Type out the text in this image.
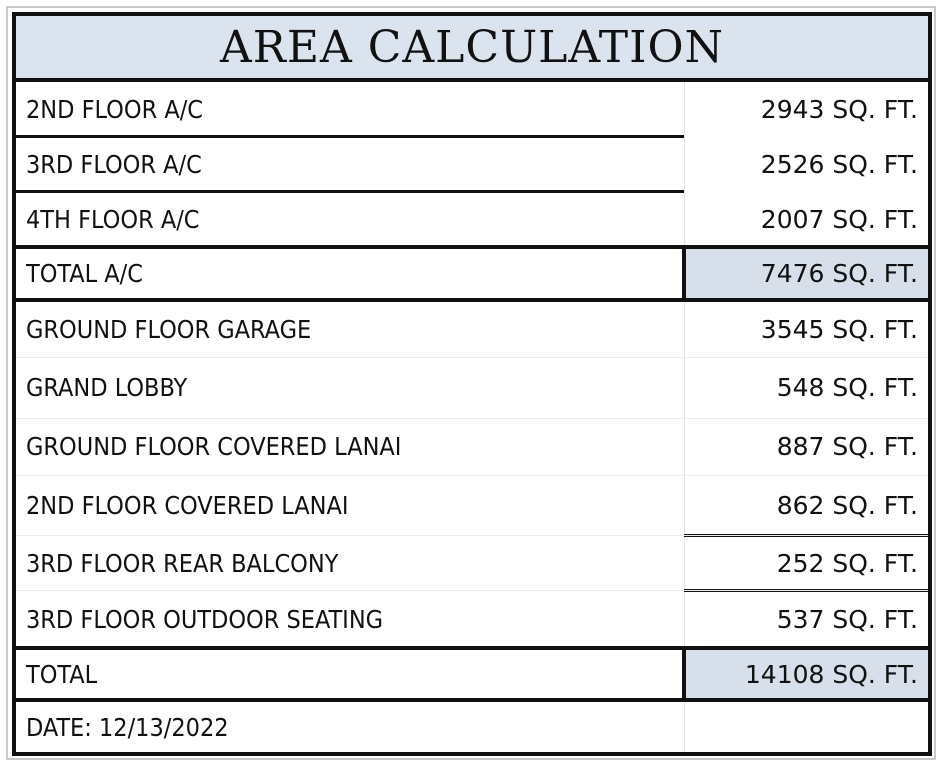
AREA CALCULATION
2ND FLOOR A/C	2943 SQ. FT.
3RD FLOOR A/C	2526 SQ. FT.
4TH FLOOR A/C	2007 SQ. FT.
TOTAL A/C	7476 SQ. FT.
GROUND FLOOR GARAGE	3545 SQ. FT.
GRAND LOBBY	548 SQ. FT.
GROUND FLOOR COVERED LANAI	887 SQ. FT.
2ND FLOOR COVERED LANAI	862 SQ. FT.
3RD FLOOR REAR BALCONY	252 SQ. FT.
3RD FLOOR OUTDOOR SEATING	537 SQ. FT.
TOTAL	14108 SQ. FT.
DATE: 12/13/2022
